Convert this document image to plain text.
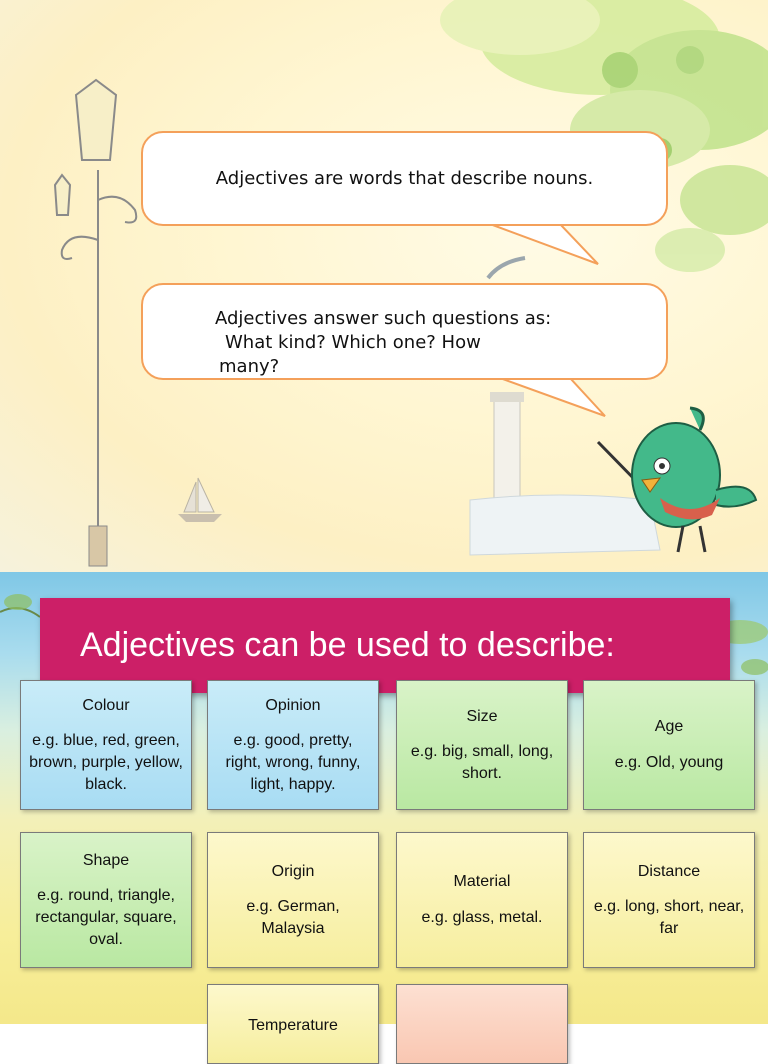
Adjectives are words that describe nouns.
Adjectives answer such questions as:
What kind? Which one? How
many?
Adjectives can be used to describe:
Colour
e.g. blue, red, green, brown, purple, yellow, black.
Opinion
e.g. good, pretty, right, wrong, funny, light, happy.
Size
e.g. big, small, long, short.
Age
e.g. Old, young
Shape
e.g. round, triangle, rectangular, square, oval.
Origin
e.g. German, Malaysia
Material
e.g. glass, metal.
Distance
e.g. long, short, near, far
Temperature
